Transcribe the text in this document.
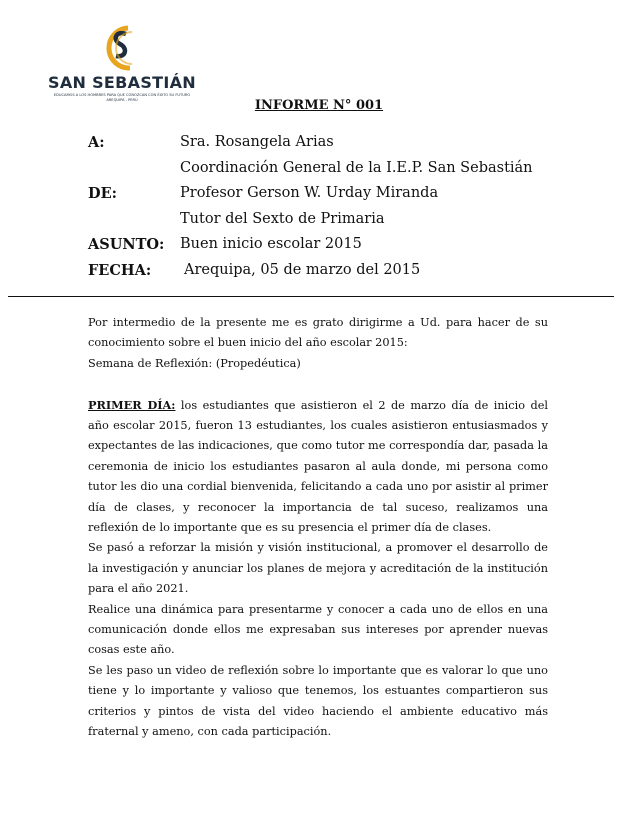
SAN SEBASTIÁN
EDUCAMOS A LOS HOMBRES PARA QUE CONOZCAN CON ÉXITO SU FUTURO
AREQUIPA - PERÚ	INFORME N° 001
A:	Sra. Rosangela Arias
Coordinación General de la I.E.P. San Sebastián
DE:	Profesor Gerson W. Urday Miranda
Tutor del Sexto de Primaria
ASUNTO: Buen inicio escolar 2015
FECHA: Arequipa, 05 de marzo del 2015

Por intermedio de la presente me es grato dirigirme a Ud. para hacer de su conocimiento sobre el buen inicio del año escolar 2015:

Semana de Reflexión: (Propedéutica)

PRIMER DÍA: los estudiantes que asistieron el 2 de marzo día de inicio del año escolar 2015, fueron 13 estudiantes, los cuales asistieron entusiasmados y expectantes de las indicaciones, que como tutor me correspondía dar, pasada la ceremonia de inicio los estudiantes pasaron al aula donde, mi persona como tutor les dio una cordial bienvenida, felicitando a cada uno por asistir al primer día de clases, y reconocer la importancia de tal suceso, realizamos una reflexión de lo importante que es su presencia el primer día de clases.

Se pasó a reforzar la misión y visión institucional, a promover el desarrollo de la investigación y anunciar los planes de mejora y acreditación de la institución para el año 2021.

Realice una dinámica para presentarme y conocer a cada uno de ellos en una comunicación donde ellos me expresaban sus intereses por aprender nuevas cosas este año.

Se les paso un video de reflexión sobre lo importante que es valorar lo que uno tiene y lo importante y valioso que tenemos, los estuantes compartieron sus criterios y pintos de vista del video haciendo el ambiente educativo más fraternal y ameno, con cada participación.
